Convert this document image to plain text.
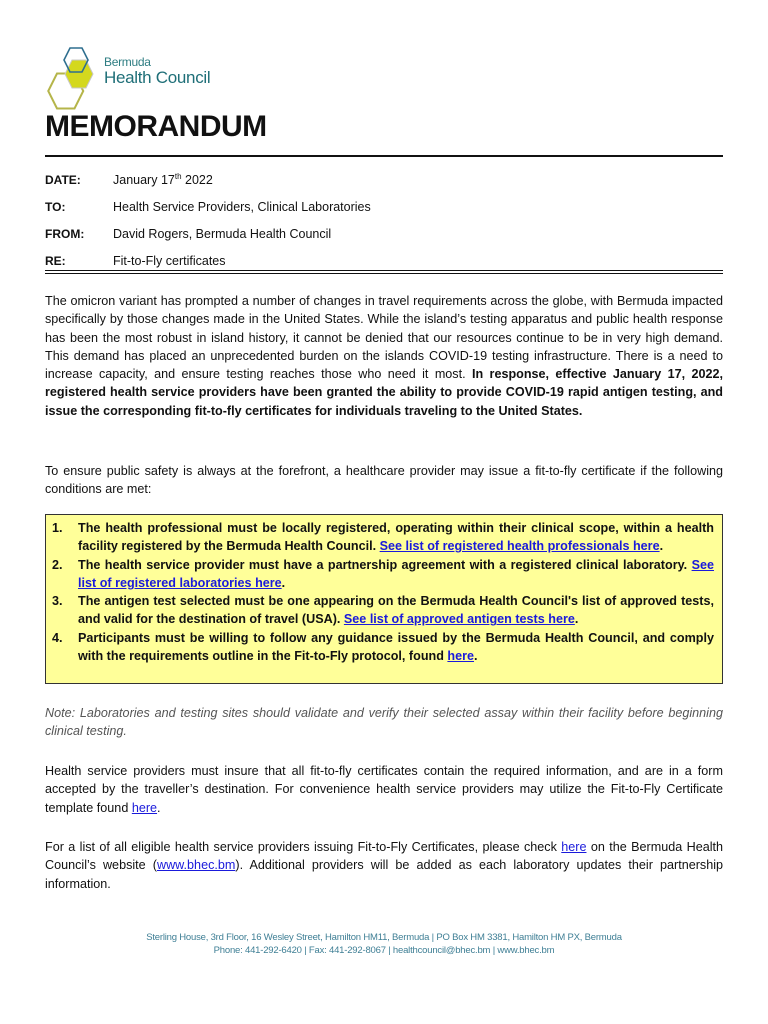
Bermuda
Health Council
MEMORANDUM
DATE:	January 17th 2022
TO:	Health Service Providers, Clinical Laboratories
FROM:	David Rogers, Bermuda Health Council
RE:	Fit-to-Fly certificates
The omicron variant has prompted a number of changes in travel requirements across the globe, with Bermuda impacted specifically by those changes made in the United States. While the island’s testing apparatus and public health response has been the most robust in island history, it cannot be denied that our resources continue to be in very high demand. This demand has placed an unprecedented burden on the islands COVID-19 testing infrastructure. There is a need to increase capacity, and ensure testing reaches those who need it most. In response, effective January 17, 2022, registered health service providers have been granted the ability to provide COVID-19 rapid antigen testing, and issue the corresponding fit-to-fly certificates for individuals traveling to the United States.
To ensure public safety is always at the forefront, a healthcare provider may issue a fit-to-fly certificate if the following conditions are met:
1.	The health professional must be locally registered, operating within their clinical scope, within a health facility registered by the Bermuda Health Council. See list of registered health professionals here.
2.	The health service provider must have a partnership agreement with a registered clinical laboratory. See list of registered laboratories here.
3.	The antigen test selected must be one appearing on the Bermuda Health Council's list of approved tests, and valid for the destination of travel (USA). See list of approved antigen tests here.
4.	Participants must be willing to follow any guidance issued by the Bermuda Health Council, and comply with the requirements outline in the Fit-to-Fly protocol, found here.
Note: Laboratories and testing sites should validate and verify their selected assay within their facility before beginning clinical testing.
Health service providers must insure that all fit-to-fly certificates contain the required information, and are in a form accepted by the traveller’s destination. For convenience health service providers may utilize the Fit-to-Fly Certificate template found here.
For a list of all eligible health service providers issuing Fit-to-Fly Certificates, please check here on the Bermuda Health Council’s website (www.bhec.bm). Additional providers will be added as each laboratory updates their partnership information.
Sterling House, 3rd Floor, 16 Wesley Street, Hamilton HM11, Bermuda | PO Box HM 3381, Hamilton HM PX, Bermuda
Phone: 441-292-6420 | Fax: 441-292-8067 | healthcouncil@bhec.bm | www.bhec.bm
